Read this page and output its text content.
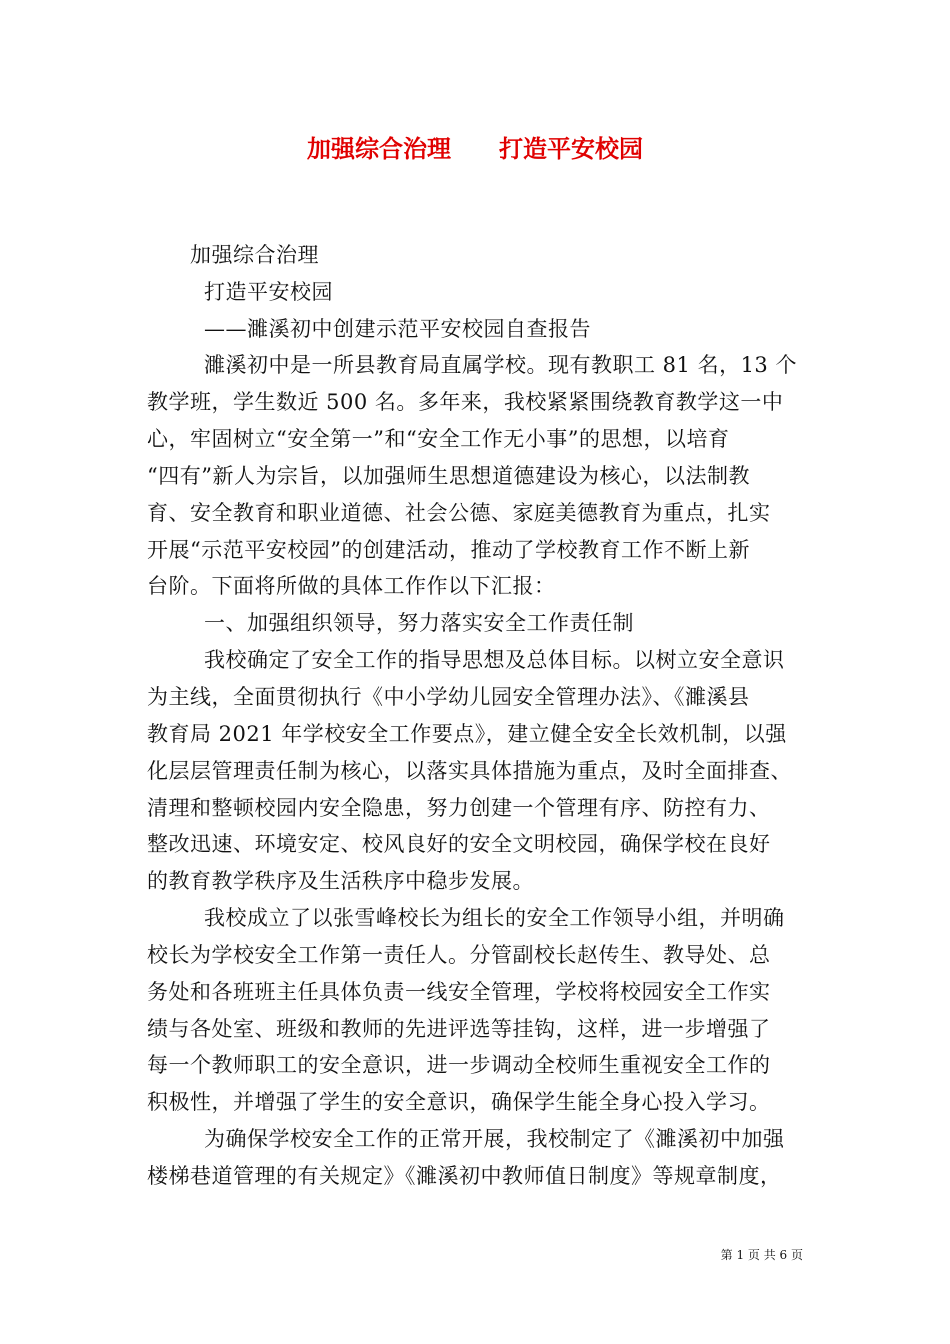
加强综合治理　　打造平安校园
加强综合治理
打造平安校园
——濉溪初中创建示范平安校园自查报告
濉溪初中是一所县教育局直属学校。现有教职工 81 名，13 个
教学班，学生数近 500 名。多年来，我校紧紧围绕教育教学这一中
心，牢固树立“安全第一”和“安全工作无小事”的思想，以培育
“四有”新人为宗旨，以加强师生思想道德建设为核心，以法制教
育、安全教育和职业道德、社会公德、家庭美德教育为重点，扎实
开展“示范平安校园”的创建活动，推动了学校教育工作不断上新
台阶。下面将所做的具体工作作以下汇报：
一、加强组织领导，努力落实安全工作责任制
我校确定了安全工作的指导思想及总体目标。以树立安全意识
为主线，全面贯彻执行《中小学幼儿园安全管理办法》、《濉溪县
教育局 2021 年学校安全工作要点》，建立健全安全长效机制，以强
化层层管理责任制为核心，以落实具体措施为重点，及时全面排查、
清理和整顿校园内安全隐患，努力创建一个管理有序、防控有力、
整改迅速、环境安定、校风良好的安全文明校园，确保学校在良好
的教育教学秩序及生活秩序中稳步发展。
我校成立了以张雪峰校长为组长的安全工作领导小组，并明确
校长为学校安全工作第一责任人。分管副校长赵传生、教导处、总
务处和各班班主任具体负责一线安全管理，学校将校园安全工作实
绩与各处室、班级和教师的先进评选等挂钩，这样，进一步增强了
每一个教师职工的安全意识，进一步调动全校师生重视安全工作的
积极性，并增强了学生的安全意识，确保学生能全身心投入学习。
为确保学校安全工作的正常开展，我校制定了《濉溪初中加强
楼梯巷道管理的有关规定》《濉溪初中教师值日制度》等规章制度，
第 1 页 共 6 页
